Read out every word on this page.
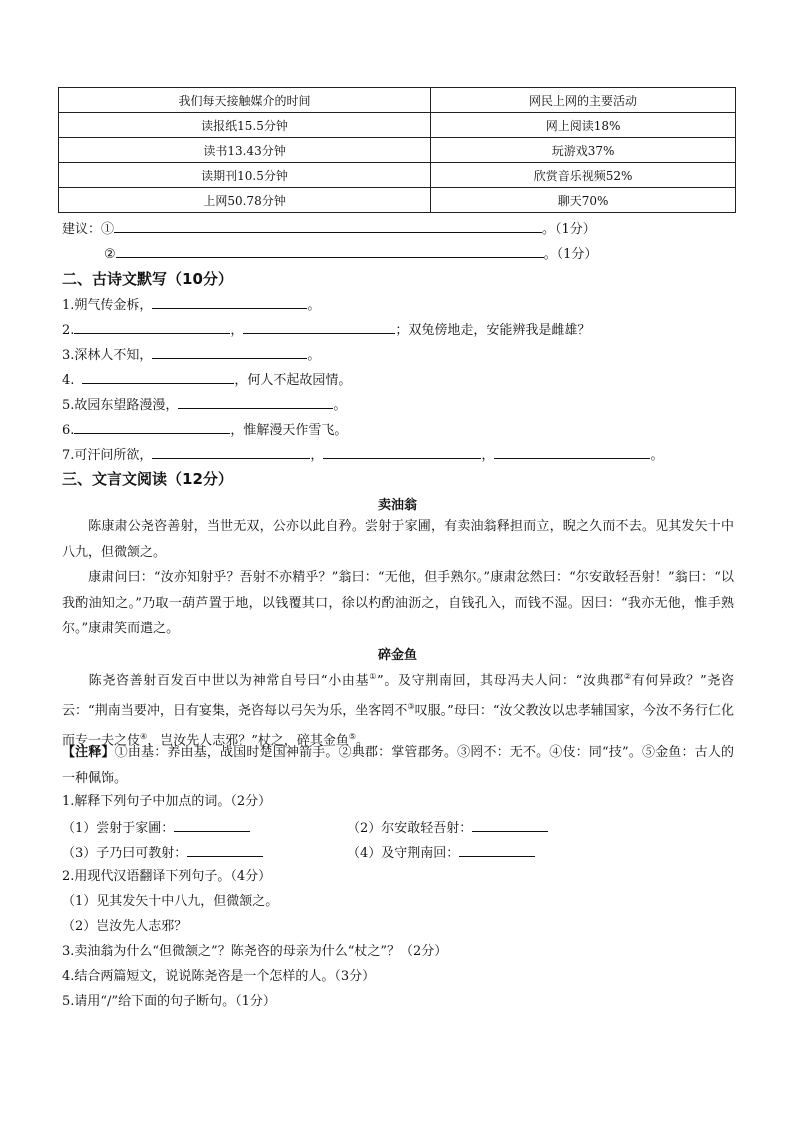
我们每天接触媒介的时间	网民上网的主要活动
读报纸15.5分钟	网上阅读18%
读书13.43分钟	玩游戏37%
读期刊10.5分钟	欣赏音乐视频52%
上网50.78分钟	聊天70%
建议：①	。（1分）
②	。（1分）
二、古诗文默写（10分）
1.朔气传金柝，	。
2.	，	；双兔傍地走，安能辨我是雌雄？
3.深林人不知，	。
4.	，何人不起故园情。
5.故园东望路漫漫，	。
6.	，惟解漫天作雪飞。
7.可汗问所欲，	，	，	。
三、文言文阅读（12分）
卖油翁
陈康肃公尧咨善射，当世无双，公亦以此自矜。尝射于家圃，有卖油翁释担而立，睨之久而不去。见其发矢十中八九，但微颔之。
康肃问曰：“汝亦知射乎？吾射不亦精乎？”翁曰：“无他，但手熟尔。”康肃忿然曰：“尔安敢轻吾射！”翁曰：“以我酌油知之。”乃取一葫芦置于地，以钱覆其口，徐以杓酌油沥之，自钱孔入，而钱不湿。因曰：“我亦无他，惟手熟尔。”康肃笑而遣之。
碎金鱼
陈尧咨善射百发百中世以为神常自号曰“小由基①”。及守荆南回，其母冯夫人问：“汝典郡②有何异政？”尧咨云：“荆南当要冲，日有宴集，尧咨每以弓矢为乐，坐客罔不③叹服。”母曰：“汝父教汝以忠孝辅国家，今汝不务行仁化而专一夫之伎④，岂汝先人志邪？”杖之，碎其金鱼⑤。
【注释】①由基：养由基，战国时楚国神箭手。②典郡：掌管郡务。③罔不：无不。④伎：同“技”。⑤金鱼：古人的一种佩饰。
1.解释下列句子中加点的词。（2分）
（1）尝射于家圃：	（2）尔安敢轻吾射：
（3）子乃曰可教射：	（4）及守荆南回：
2.用现代汉语翻译下列句子。（4分）
（1）见其发矢十中八九，但微颔之。
（2）岂汝先人志邪？
3.卖油翁为什么“但微颔之”？陈尧咨的母亲为什么“杖之”？（2分）
4.结合两篇短文，说说陈尧咨是一个怎样的人。（3分）
5.请用“/”给下面的句子断句。（1分）
